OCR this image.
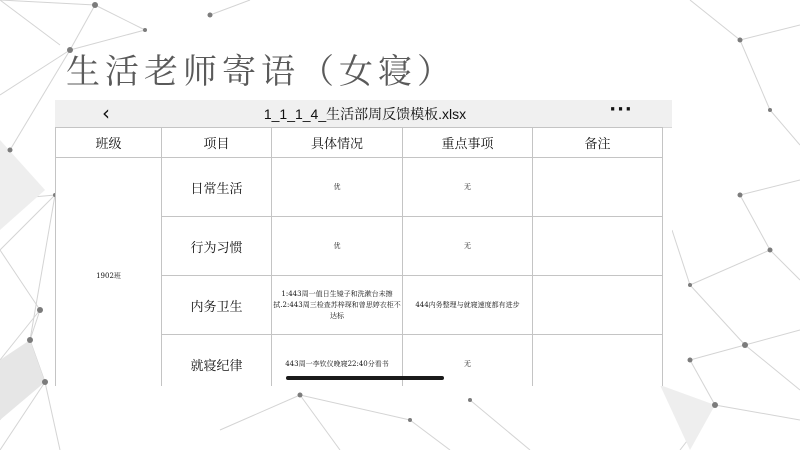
生活老师寄语（女寝）
‹	1_1_1_4_生活部周反馈模板.xlsx	···
班级	项目	具体情况	重点事项	备注
1902班	日常生活	优	无	
	行为习惯	优	无	
	内务卫生	1:443周一值日生镜子和洗漱台未擦拭.2:443周三检查苏梓琛和曾思婷衣柜不达标	444内务整理与就寝速度都有进步	
	就寝纪律	443周一李钦仪晚寝22:40分看书	无	
